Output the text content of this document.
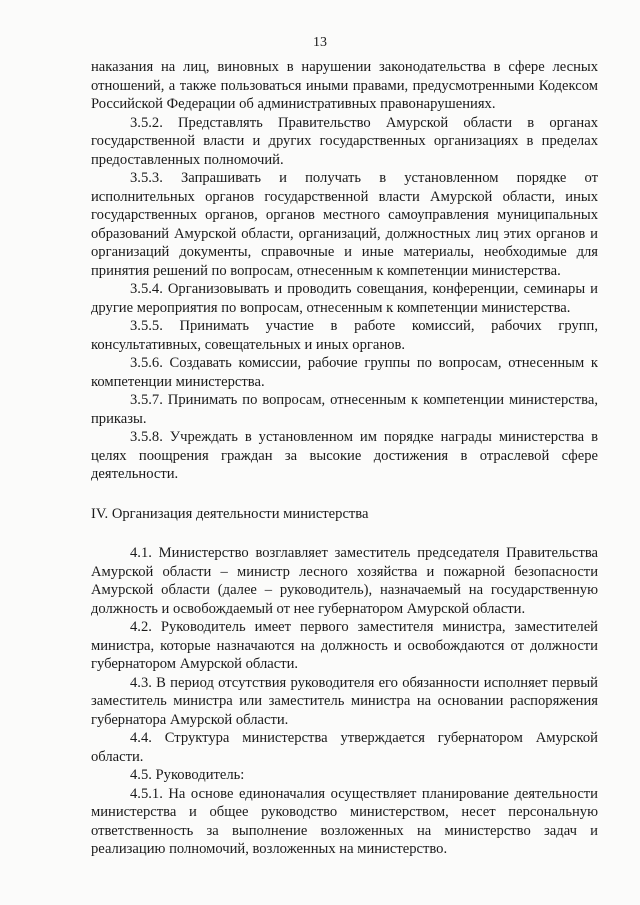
13

наказания на лиц, виновных в нарушении законодательства в сфере лесных отношений, а также пользоваться иными правами, предусмотренными Кодексом Российской Федерации об административных правонарушениях.

3.5.2. Представлять Правительство Амурской области в органах государственной власти и других государственных организациях в пределах предоставленных полномочий.

3.5.3. Запрашивать и получать в установленном порядке от исполнительных органов государственной власти Амурской области, иных государственных органов, органов местного самоуправления муниципальных образований Амурской области, организаций, должностных лиц этих органов и организаций документы, справочные и иные материалы, необходимые для принятия решений по вопросам, отнесенным к компетенции министерства.

3.5.4. Организовывать и проводить совещания, конференции, семинары и другие мероприятия по вопросам, отнесенным к компетенции министерства.

3.5.5. Принимать участие в работе комиссий, рабочих групп, консультативных, совещательных и иных органов.

3.5.6. Создавать комиссии, рабочие группы по вопросам, отнесенным к компетенции министерства.

3.5.7. Принимать по вопросам, отнесенным к компетенции министерства, приказы.

3.5.8. Учреждать в установленном им порядке награды министерства в целях поощрения граждан за высокие достижения в отраслевой сфере деятельности.

IV. Организация деятельности министерства

4.1. Министерство возглавляет заместитель председателя Правительства Амурской области – министр лесного хозяйства и пожарной безопасности Амурской области (далее – руководитель), назначаемый на государственную должность и освобождаемый от нее губернатором Амурской области.

4.2. Руководитель имеет первого заместителя министра, заместителей министра, которые назначаются на должность и освобождаются от должности губернатором Амурской области.

4.3. В период отсутствия руководителя его обязанности исполняет первый заместитель министра или заместитель министра на основании распоряжения губернатора Амурской области.

4.4. Структура министерства утверждается губернатором Амурской области.

4.5. Руководитель:

4.5.1. На основе единоначалия осуществляет планирование деятельности министерства и общее руководство министерством, несет персональную ответственность за выполнение возложенных на министерство задач и реализацию полномочий, возложенных на министерство.
